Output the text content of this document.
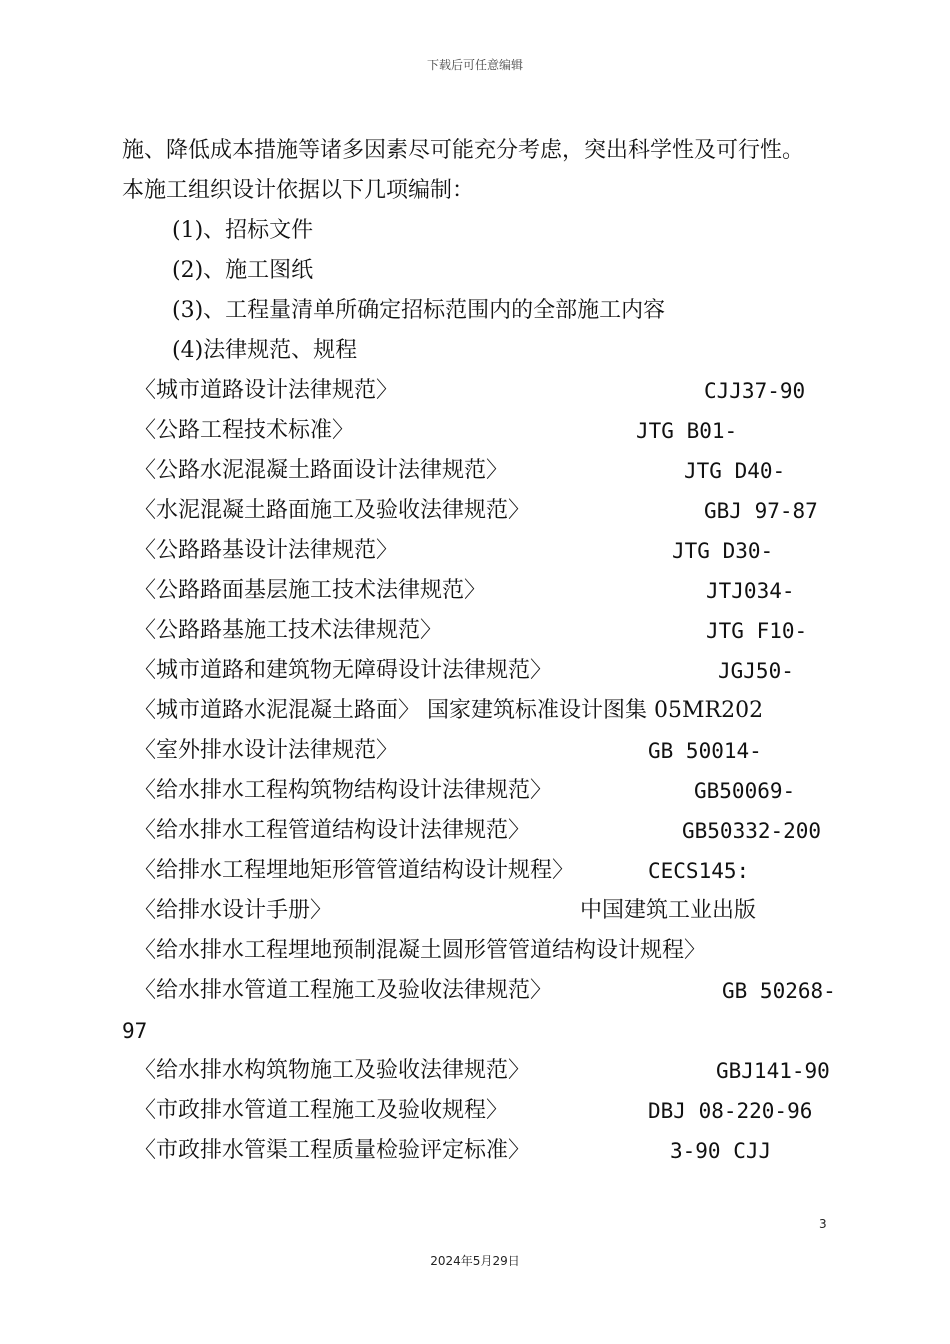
下载后可任意编辑
施、降低成本措施等诸多因素尽可能充分考虑，突出科学性及可行性。
本施工组织设计依据以下几项编制：
(1)、招标文件
(2)、施工图纸
(3)、工程量清单所确定招标范围内的全部施工内容
(4)法律规范、规程
〈城市道路设计法律规范〉	CJJ37-90
〈公路工程技术标准〉	JTG B01-
〈公路水泥混凝土路面设计法律规范〉	JTG D40-
〈水泥混凝土路面施工及验收法律规范〉	GBJ 97-87
〈公路路基设计法律规范〉	JTG D30-
〈公路路面基层施工技术法律规范〉	JTJ034-
〈公路路基施工技术法律规范〉	JTG F10-
〈城市道路和建筑物无障碍设计法律规范〉	JGJ50-
〈城市道路水泥混凝土路面〉 国家建筑标准设计图集 05MR202
〈室外排水设计法律规范〉	GB 50014-
〈给水排水工程构筑物结构设计法律规范〉	GB50069-
〈给水排水工程管道结构设计法律规范〉	GB50332-200
〈给排水工程埋地矩形管管道结构设计规程〉	CECS145:
〈给排水设计手册〉	中国建筑工业出版
〈给水排水工程埋地预制混凝土圆形管管道结构设计规程〉
〈给水排水管道工程施工及验收法律规范〉	GB 50268-
97
〈给水排水构筑物施工及验收法律规范〉	GBJ141-90
〈市政排水管道工程施工及验收规程〉	DBJ 08-220-96
〈市政排水管渠工程质量检验评定标准〉	3-90 CJJ
3
2024年5月29日
